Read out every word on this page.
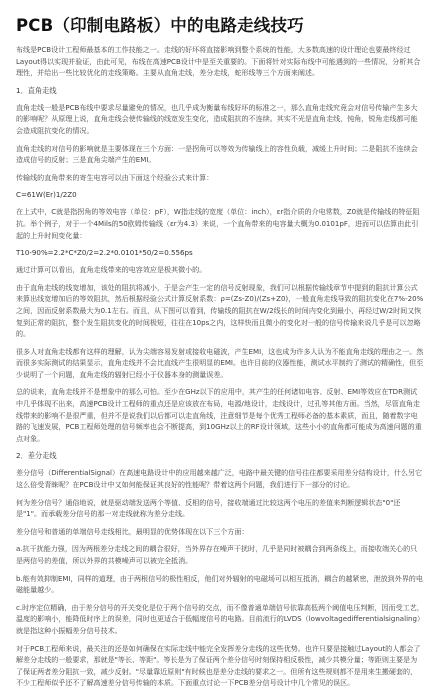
PCB（印制电路板）中的电路走线技巧

布线是PCB设计工程师最基本的工作技能之一。走线的好坏将直接影响到整个系统的性能，大多数高速的设计理论也要最终经过Layout得以实现并验证，由此可见，布线在高速PCB设计中是至关重要的。下面将针对实际布线中可能遇到的一些情况，分析其合理性，并给出一些比较优化的走线策略。主要从直角走线，差分走线，蛇形线等三个方面来阐述。

1．直角走线

直角走线一般是PCB布线中要求尽量避免的情况，也几乎成为衡量布线好坏的标准之一，那么直角走线究竟会对信号传输产生多大的影响呢？从原理上说，直角走线会使传输线的线宽发生变化，造成阻抗的不连续。其实不光是直角走线，钝角，锐角走线都可能会造成阻抗变化的情况。

直角走线的对信号的影响就是主要体现在三个方面：一是拐角可以等效为传输线上的容性负载，减缓上升时间；二是阻抗不连续会造成信号的反射；三是直角尖端产生的EMI。

传输线的直角带来的寄生电容可以由下面这个经验公式来计算：

C=61W(Er)1/2Z0

在上式中，C就是指拐角的等效电容（单位：pF），W指走线的宽度（单位：inch），εr指介质的介电常数，Z0就是传输线的特征阻抗。举个例子，对于一个4Mils的50欧姆传输线（εr为4.3）来说，一个直角带来的电容量大概为0.0101pF，进而可以估算由此引起的上升时间变化量：

T10-90%=2.2*C*Z0/2=2.2*0.0101*50/2=0.556ps

通过计算可以看出，直角走线带来的电容效应是极其微小的。

由于直角走线的线宽增加，该处的阻抗将减小，于是会产生一定的信号反射现象，我们可以根据传输线章节中提到的阻抗计算公式来算出线宽增加后的等效阻抗，然后根据经验公式计算反射系数：ρ=(Zs-Z0)/(Zs+Z0)，一般直角走线导致的阻抗变化在7%-20%之间，因而反射系数最大为0.1左右。而且，从下图可以看到，传输线的阻抗在W/2线长的时间内变化到最小，再经过W/2时间又恢复到正常的阻抗，整个发生阻抗变化的时间极短，往往在10ps之内，这样快而且微小的变化对一般的信号传输来说几乎是可以忽略的。

很多人对直角走线都有这样的理解，认为尖端容易发射或接收电磁波，产生EMI，这也成为许多人认为不能直角走线的理由之一。然而很多实际测试的结果显示，直角走线并不会比直线产生很明显的EMI。也许目前的仪器性能，测试水平制约了测试的精确性，但至少说明了一个问题，直角走线的辐射已经小于仪器本身的测量误差。

总的说来，直角走线并不是想象中的那么可怕。至少在GHz以下的应用中，其产生的任何诸如电容、反射、EMI等效应在TDR测试中几乎体现不出来，高速PCB设计工程师的重点还是应该放在布局，电源/地设计，走线设计，过孔等其他方面。当然，尽管直角走线带来的影响不是很严重，但并不是说我们以后都可以走直角线，注意细节是每个优秀工程师必备的基本素质，而且，随着数字电路的飞速发展，PCB工程师处理的信号频率也会不断提高，到10GHz以上的RF设计领域，这些小小的直角都可能成为高速问题的重点对象。

2．差分走线

差分信号（DifferentialSignal）在高速电路设计中的应用越来越广泛，电路中最关键的信号往往都要采用差分结构设计，什么另它这么倍受青睐呢？在PCB设计中又如何能保证其良好的性能呢？带着这两个问题，我们进行下一部分的讨论。

何为差分信号？通俗地说，就是驱动端发送两个等值、反相的信号，接收端通过比较这两个电压的差值来判断逻辑状态"0"还是"1"。而承载差分信号的那一对走线就称为差分走线。

差分信号和普通的单端信号走线相比，最明显的优势体现在以下三个方面：

a.抗干扰能力强，因为两根差分走线之间的耦合很好，当外界存在噪声干扰时，几乎是同时被耦合到两条线上，而接收端关心的只是两信号的差值，所以外界的共模噪声可以被完全抵消。

b.能有效抑制EMI，同样的道理，由于两根信号的极性相反，他们对外辐射的电磁场可以相互抵消，耦合的越紧密，泄放到外界的电磁能量越少。

c.时序定位精确，由于差分信号的开关变化是位于两个信号的交点，而不像普通单端信号依靠高低两个阈值电压判断，因而受工艺，温度的影响小，能降低时序上的误差，同时也更适合于低幅度信号的电路。目前流行的LVDS（lowvoltagedifferentialsignaling）就是指这种小振幅差分信号技术。

对于PCB工程师来说，最关注的还是如何确保在实际走线中能完全发挥差分走线的这些优势。也许只要是接触过Layout的人都会了解差分走线的一般要求，那就是"等长、等距"。等长是为了保证两个差分信号时刻保持相反极性，减少共模分量；等距则主要是为了保证两者差分阻抗一致，减少反射。"尽量靠近原则"有时候也是差分走线的要求之一。但所有这些规则都不是用来生搬硬套的，不少工程师似乎还不了解高速差分信号传输的本质。下面重点讨论一下PCB差分信号设计中几个常见的误区。
